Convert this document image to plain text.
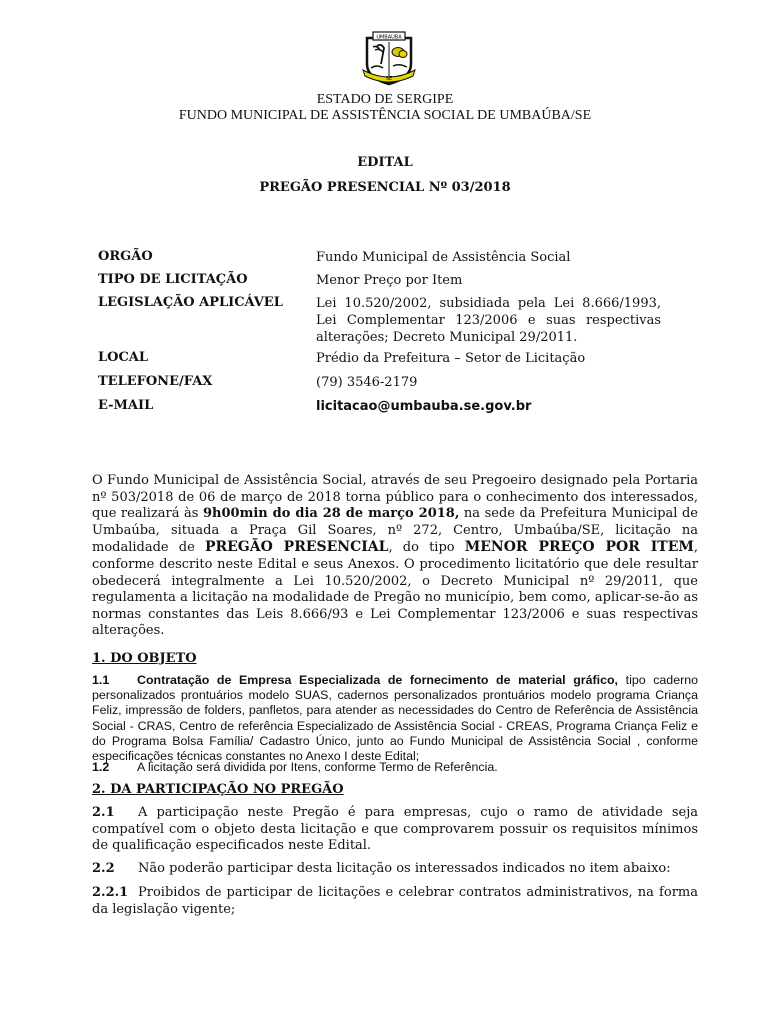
UMBAUBA
SE
ESTADO DE SERGIPE
FUNDO MUNICIPAL DE ASSISTÊNCIA SOCIAL DE UMBAÚBA/SE
EDITAL
PREGÃO PRESENCIAL Nº 03/2018
ORGÃO	Fundo Municipal de Assistência Social
TIPO DE LICITAÇÃO	Menor Preço por Item
LEGISLAÇÃO APLICÁVEL	Lei 10.520/2002, subsidiada pela Lei 8.666/1993, Lei Complementar 123/2006 e suas respectivas alterações; Decreto Municipal 29/2011.
LOCAL	Prédio da Prefeitura – Setor de Licitação
TELEFONE/FAX	(79) 3546-2179
E-MAIL	licitacao@umbauba.se.gov.br
O Fundo Municipal de Assistência Social, através de seu Pregoeiro designado pela Portaria nº 503/2018 de 06 de março de 2018 torna público para o conhecimento dos interessados, que realizará às 9h00min do dia 28 de março 2018, na sede da Prefeitura Municipal de Umbaúba, situada a Praça Gil Soares, nº 272, Centro, Umbaúba/SE, licitação na modalidade de PREGÃO PRESENCIAL, do tipo MENOR PREÇO POR ITEM, conforme descrito neste Edital e seus Anexos. O procedimento licitatório que dele resultar obedecerá integralmente a Lei 10.520/2002, o Decreto Municipal nº 29/2011, que regulamenta a licitação na modalidade de Pregão no município, bem como, aplicar-se-ão as normas constantes das Leis 8.666/93 e Lei Complementar 123/2006 e suas respectivas alterações.
1. DO OBJETO
1.1 Contratação de Empresa Especializada de fornecimento de material gráfico, tipo caderno personalizados prontuários modelo SUAS, cadernos personalizados prontuários modelo programa Criança Feliz, impressão de folders, panfletos, para atender as necessidades do Centro de Referência de Assistência Social - CRAS, Centro de referência Especializado de Assistência Social - CREAS, Programa Criança Feliz e do Programa Bolsa Família/ Cadastro Único, junto ao Fundo Municipal de Assistência Social , conforme especificações técnicas constantes no Anexo I deste Edital;
1.2 A licitação será dividida por Itens, conforme Termo de Referência.
2. DA PARTICIPAÇÃO NO PREGÃO
2.1 A participação neste Pregão é para empresas, cujo o ramo de atividade seja compatível com o objeto desta licitação e que comprovarem possuir os requisitos mínimos de qualificação especificados neste Edital.
2.2 Não poderão participar desta licitação os interessados indicados no item abaixo:
2.2.1 Proibidos de participar de licitações e celebrar contratos administrativos, na forma da legislação vigente;
